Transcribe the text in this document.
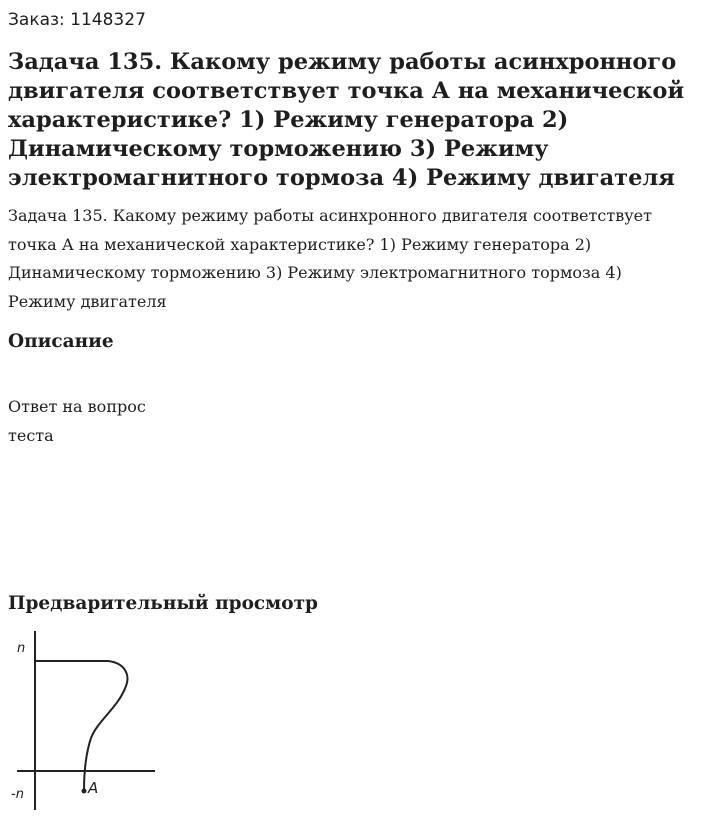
Заказ: 1148327
Задача 135. Какому режиму работы асинхронного двигателя соответствует точка А на механической характеристике? 1) Режиму генератора 2) Динамическому торможению 3) Режиму электромагнитного тормоза 4) Режиму двигателя

Задача 135. Какому режиму работы асинхронного двигателя соответствует точка А на механической характеристике? 1) Режиму генератора 2) Динамическому торможению 3) Режиму электромагнитного тормоза 4) Режиму двигателя

Описание

Ответ на вопрос теста

Предварительный просмотр
n
-n	A
